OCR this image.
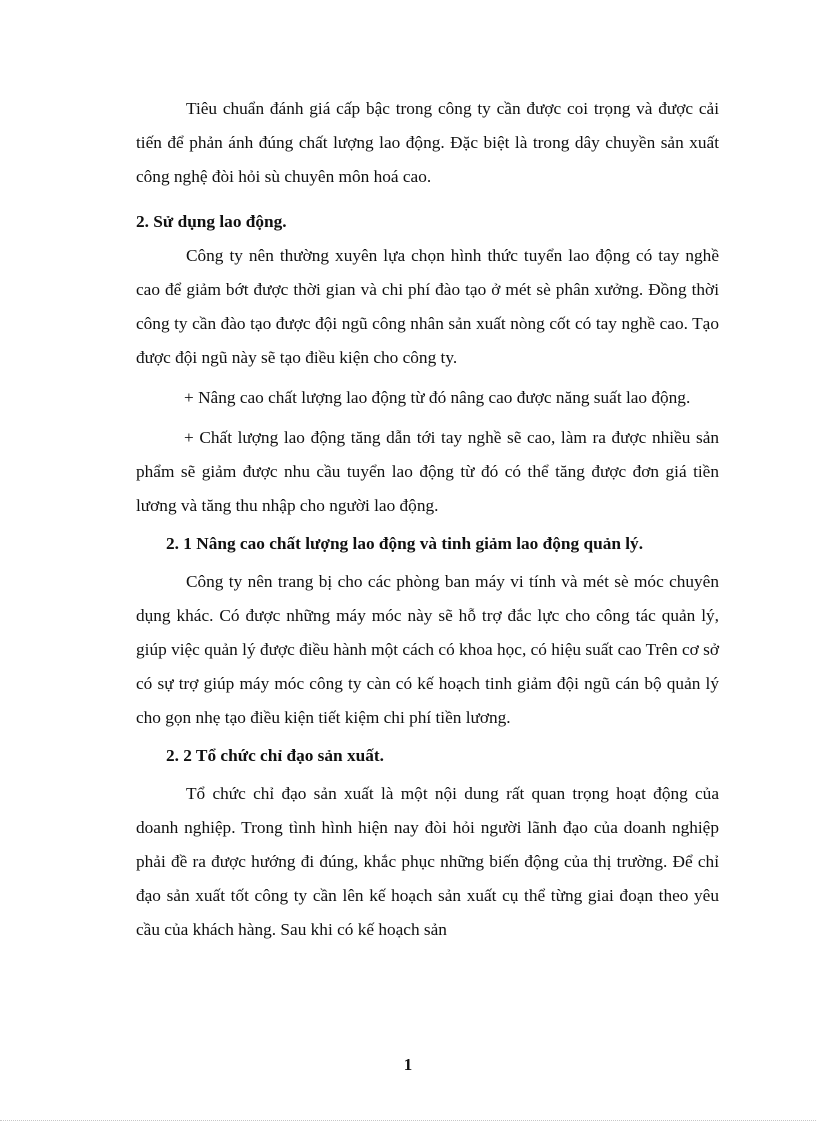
Tiêu chuẩn đánh giá cấp bậc trong công ty cần được coi trọng và được cải tiến để phản ánh đúng chất lượng lao động. Đặc biệt là trong dây chuyền sản xuất công nghệ đòi hỏi sù chuyên môn hoá cao.

2. Sử dụng lao động.

Công ty nên thường xuyên lựa chọn hình thức tuyển lao động có tay nghề cao để giảm bớt được thời gian và chi phí đào tạo ở mét sè phân xưởng. Đồng thời công ty cần đào tạo được đội ngũ công nhân sản xuất nòng cốt có tay nghề cao. Tạo được đội ngũ này sẽ tạo điều kiện cho công ty.

+ Nâng cao chất lượng lao động từ đó nâng cao được năng suất lao động.

+ Chất lượng lao động tăng dẫn tới tay nghề sẽ cao, làm ra được nhiều sản phẩm sẽ giảm được nhu cầu tuyển lao động từ đó có thể tăng được đơn giá tiền lương và tăng thu nhập cho người lao động.

2. 1 Nâng cao chất lượng lao động và tinh giảm lao động quản lý.

Công ty nên trang bị cho các phòng ban máy vi tính và mét sè móc chuyên dụng khác. Có được những máy móc này sẽ hỗ trợ đắc lực cho công tác quản lý, giúp việc quản lý được điều hành một cách có khoa học, có hiệu suất cao Trên cơ sở có sự trợ giúp máy móc công ty càn có kế hoạch tinh giảm đội ngũ cán bộ quản lý cho gọn nhẹ tạo điều kiện tiết kiệm chi phí tiền lương.

2. 2 Tổ chức chỉ đạo sản xuất.

Tổ chức chỉ đạo sản xuất là một nội dung rất quan trọng hoạt động của doanh nghiệp. Trong tình hình hiện nay đòi hỏi người lãnh đạo của doanh nghiệp phải đề ra được hướng đi đúng, khắc phục những biến động của thị trường. Để chỉ đạo sản xuất tốt công ty cần lên kế hoạch sản xuất cụ thể từng giai đoạn theo yêu cầu của khách hàng. Sau khi có kế hoạch sản

1
